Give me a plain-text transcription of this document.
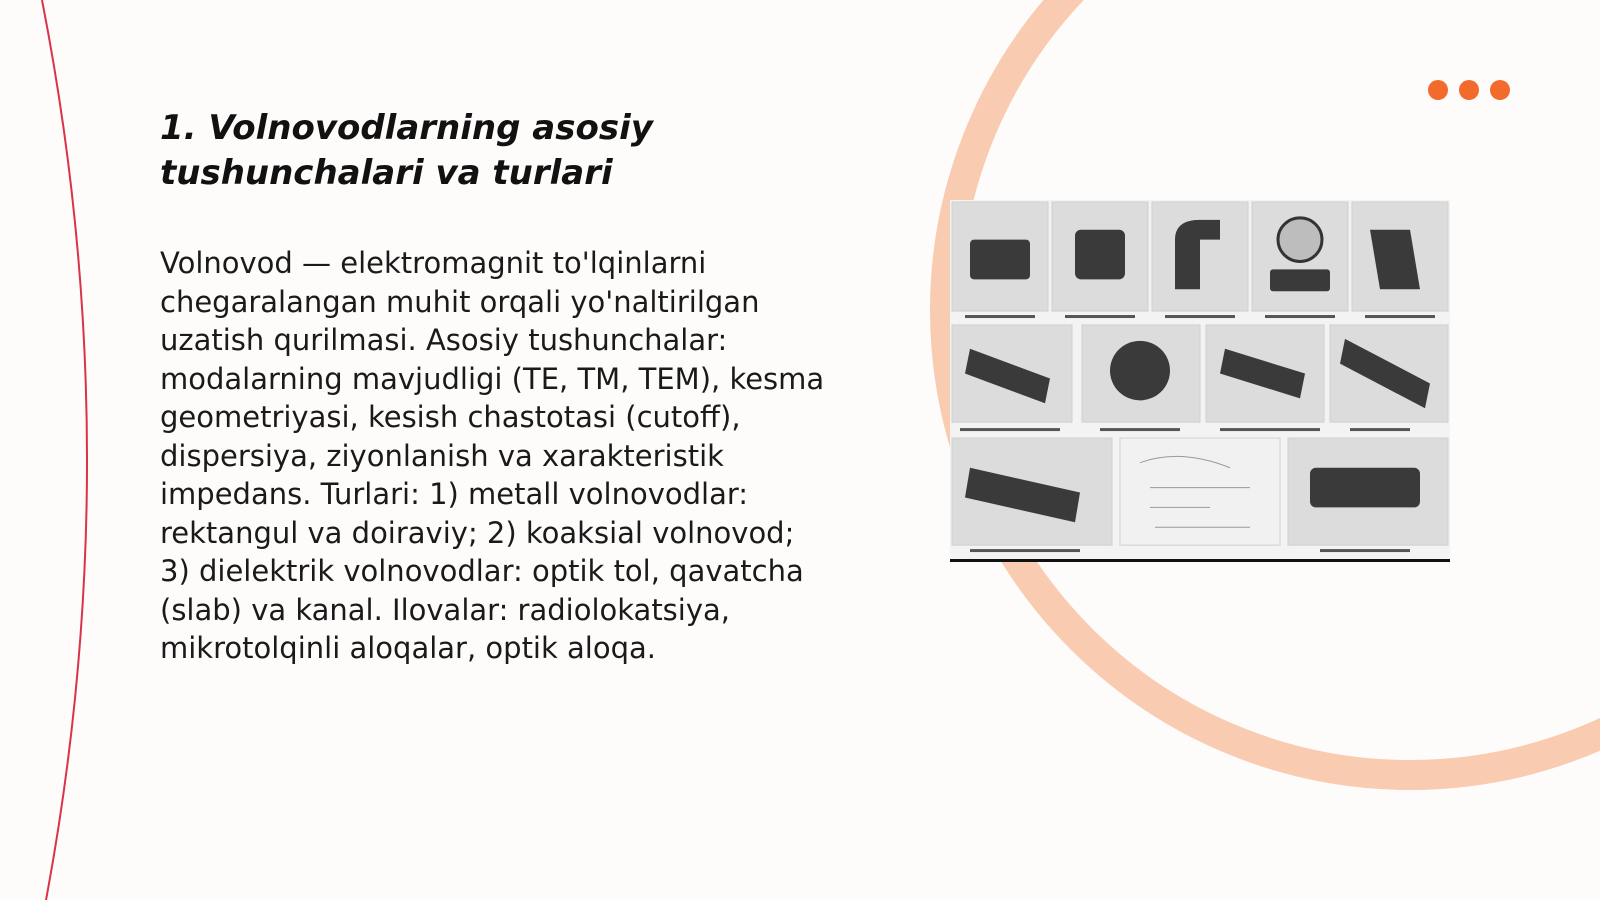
1. Volnovodlarning asosiy tushunchalari va turlari

Volnovod — elektromagnit to'lqinlarni chegaralangan muhit orqali yo'naltirilgan uzatish qurilmasi. Asosiy tushunchalar: modalarning mavjudligi (TE, TM, TEM), kesma geometriyasi, kesish chastotasi (cutoff), dispersiya, ziyonlanish va xarakteristik impedans. Turlari: 1) metall volnovodlar: rektangul va doiraviy; 2) koaksial volnovod; 3) dielektrik volnovodlar: optik tol, qavatcha (slab) va kanal. Ilovalar: radiolokatsiya, mikrotolqinli aloqalar, optik aloqa.
